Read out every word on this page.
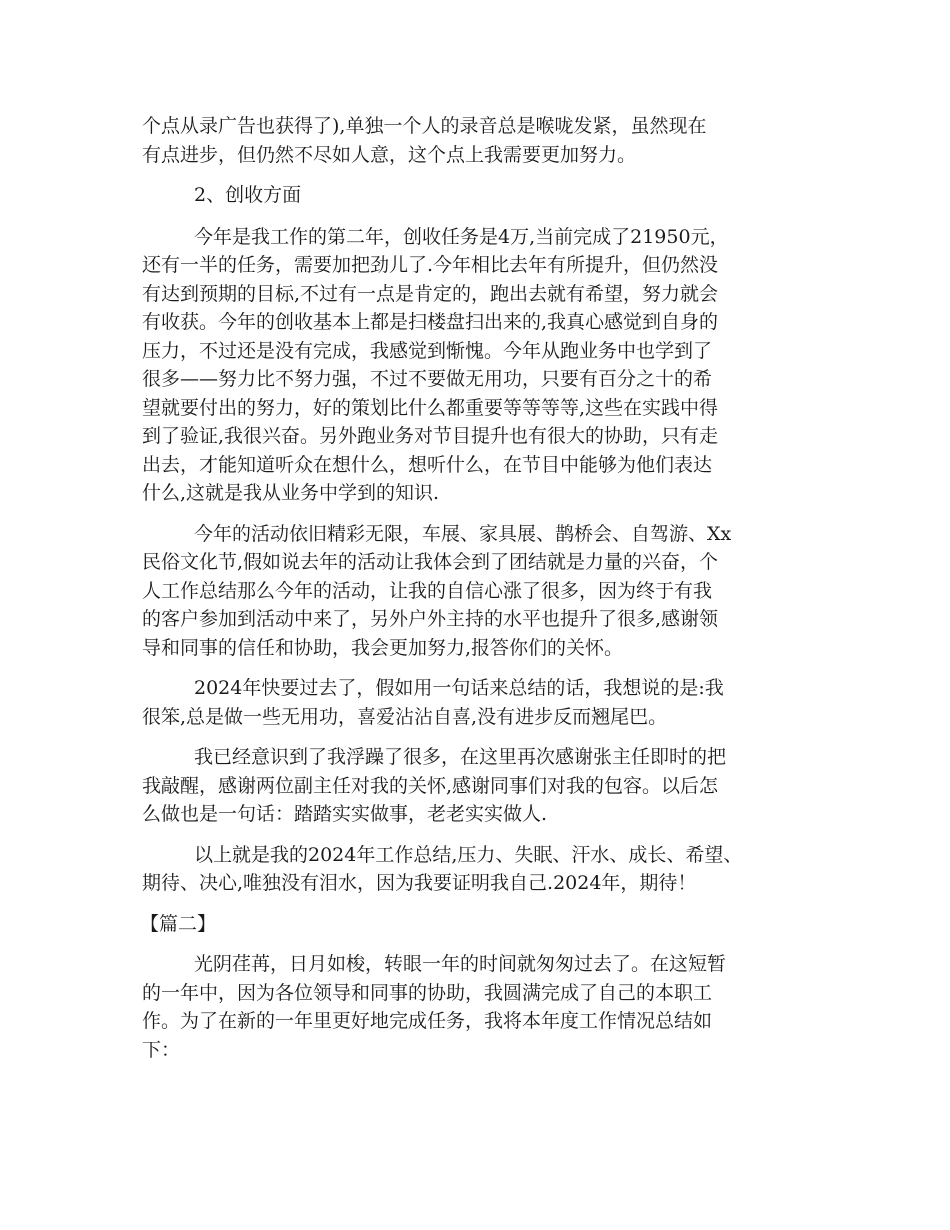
个点从录广告也获得了),单独一个人的录音总是喉咙发紧，虽然现在
有点进步，但仍然不尽如人意，这个点上我需要更加努力。
2、创收方面
今年是我工作的第二年，创收任务是4万,当前完成了21950元，
还有一半的任务，需要加把劲儿了.今年相比去年有所提升，但仍然没
有达到预期的目标,不过有一点是肯定的，跑出去就有希望，努力就会
有收获。今年的创收基本上都是扫楼盘扫出来的,我真心感觉到自身的
压力，不过还是没有完成，我感觉到惭愧。今年从跑业务中也学到了
很多——努力比不努力强，不过不要做无用功，只要有百分之十的希
望就要付出的努力，好的策划比什么都重要等等等等,这些在实践中得
到了验证,我很兴奋。另外跑业务对节目提升也有很大的协助，只有走
出去，才能知道听众在想什么，想听什么，在节目中能够为他们表达
什么,这就是我从业务中学到的知识.
今年的活动依旧精彩无限，车展、家具展、鹊桥会、自驾游、Xx
民俗文化节,假如说去年的活动让我体会到了团结就是力量的兴奋，个
人工作总结那么今年的活动，让我的自信心涨了很多，因为终于有我
的客户参加到活动中来了，另外户外主持的水平也提升了很多,感谢领
导和同事的信任和协助，我会更加努力,报答你们的关怀。
2024年快要过去了，假如用一句话来总结的话，我想说的是:我
很笨,总是做一些无用功，喜爱沾沾自喜,没有进步反而翘尾巴。
我已经意识到了我浮躁了很多，在这里再次感谢张主任即时的把
我敲醒，感谢两位副主任对我的关怀,感谢同事们对我的包容。以后怎
么做也是一句话：踏踏实实做事，老老实实做人.
以上就是我的2024年工作总结,压力、失眠、汗水、成长、希望、
期待、决心,唯独没有泪水，因为我要证明我自己.2024年，期待！
【篇二】
光阴荏苒，日月如梭，转眼一年的时间就匆匆过去了。在这短暂
的一年中，因为各位领导和同事的协助，我圆满完成了自己的本职工
作。为了在新的一年里更好地完成任务，我将本年度工作情况总结如
下：
